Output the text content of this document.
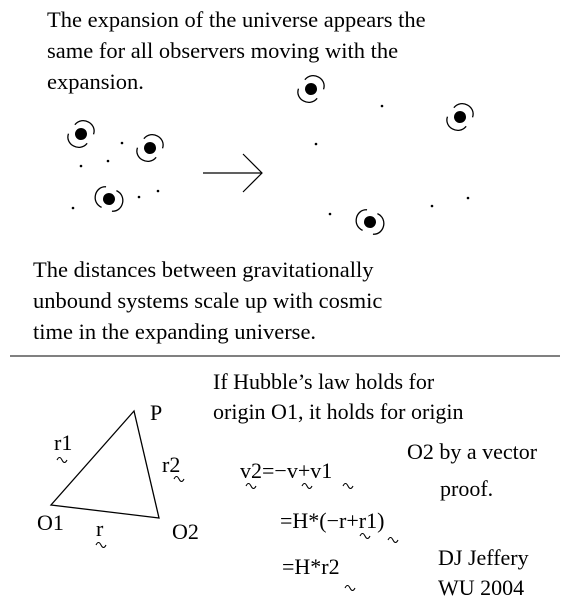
The expansion of the universe appears the
same for all observers moving with the
expansion.
The distances between gravitationally
unbound systems scale up with cosmic
time in the expanding universe.
If Hubble’s law holds for
origin O1, it holds for origin
O2 by a vector
proof.
P
r1
r2
O1 r	O2
v2=−v+v1
=H*(−r+r1)
=H*r2	DJ Jeffery
WU 2004
